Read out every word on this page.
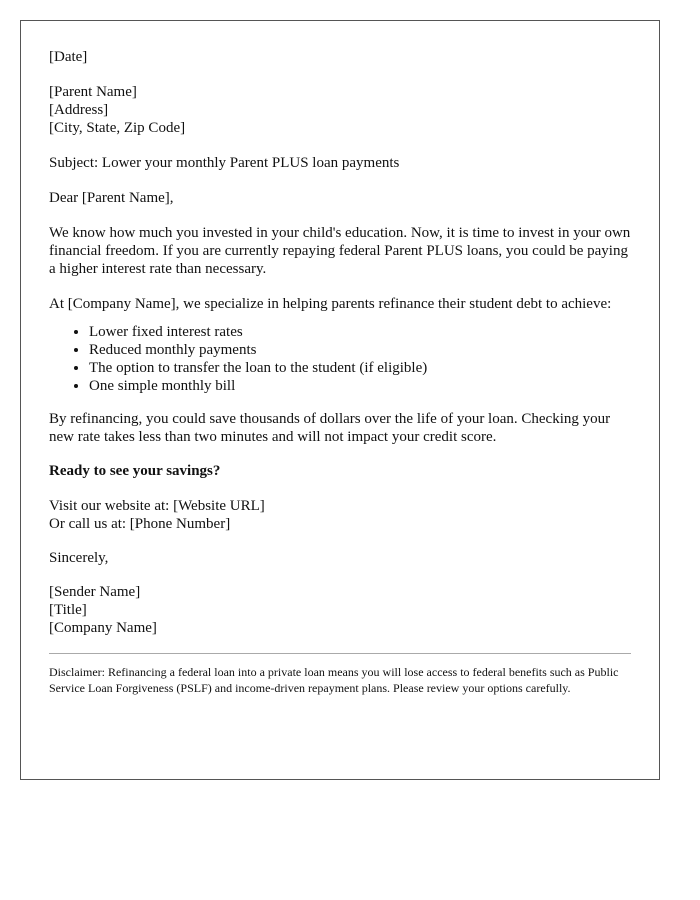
[Date]

[Parent Name]
[Address]
[City, State, Zip Code]

Subject: Lower your monthly Parent PLUS loan payments

Dear [Parent Name],

We know how much you invested in your child's education. Now, it is time to invest in your own financial freedom. If you are currently repaying federal Parent PLUS loans, you could be paying a higher interest rate than necessary.

At [Company Name], we specialize in helping parents refinance their student debt to achieve:

• Lower fixed interest rates
• Reduced monthly payments
• The option to transfer the loan to the student (if eligible)
• One simple monthly bill

By refinancing, you could save thousands of dollars over the life of your loan. Checking your new rate takes less than two minutes and will not impact your credit score.

Ready to see your savings?

Visit our website at: [Website URL]
Or call us at: [Phone Number]

Sincerely,

[Sender Name]
[Title]
[Company Name]

Disclaimer: Refinancing a federal loan into a private loan means you will lose access to federal benefits such as Public Service Loan Forgiveness (PSLF) and income-driven repayment plans. Please review your options carefully.
